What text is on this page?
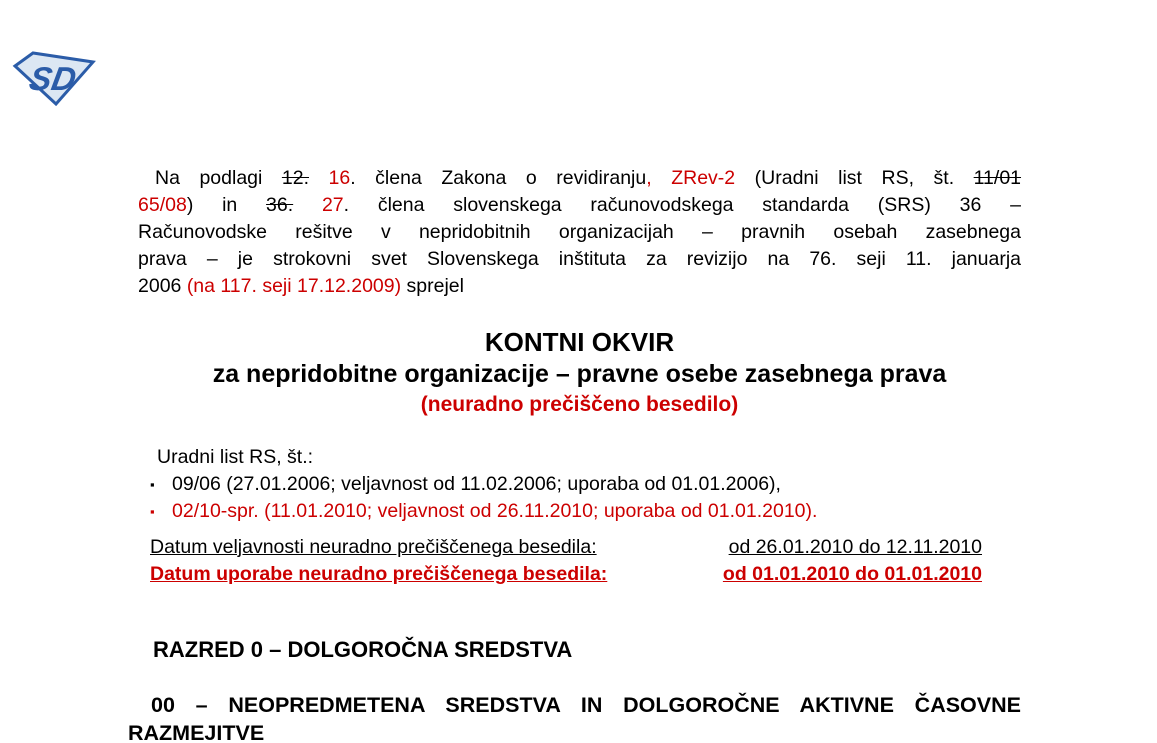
SD
Na podlagi 12. 16. člena Zakona o revidiranju, ZRev-2 (Uradni list RS, št. 11/01
65/08) in 36. 27. člena slovenskega računovodskega standarda (SRS) 36 –
Računovodske rešitve v nepridobitnih organizacijah – pravnih osebah zasebnega
prava – je strokovni svet Slovenskega inštituta za revizijo na 76. seji 11. januarja
2006 (na 117. seji 17.12.2009) sprejel
KONTNI OKVIR
za nepridobitne organizacije – pravne osebe zasebnega prava
(neuradno prečiščeno besedilo)
Uradni list RS, št.:
▪ 09/06 (27.01.2006; veljavnost od 11.02.2006; uporaba od 01.01.2006),
▪ 02/10-spr. (11.01.2010; veljavnost od 26.11.2010; uporaba od 01.01.2010).
Datum veljavnosti neuradno prečiščenega besedila:	od 26.01.2010 do 12.11.2010
Datum uporabe neuradno prečiščenega besedila:	od 01.01.2010 do 01.01.2010
RAZRED 0 – DOLGOROČNA SREDSTVA
00 – NEOPREDMETENA SREDSTVA IN DOLGOROČNE AKTIVNE ČASOVNE
RAZMEJITVE
